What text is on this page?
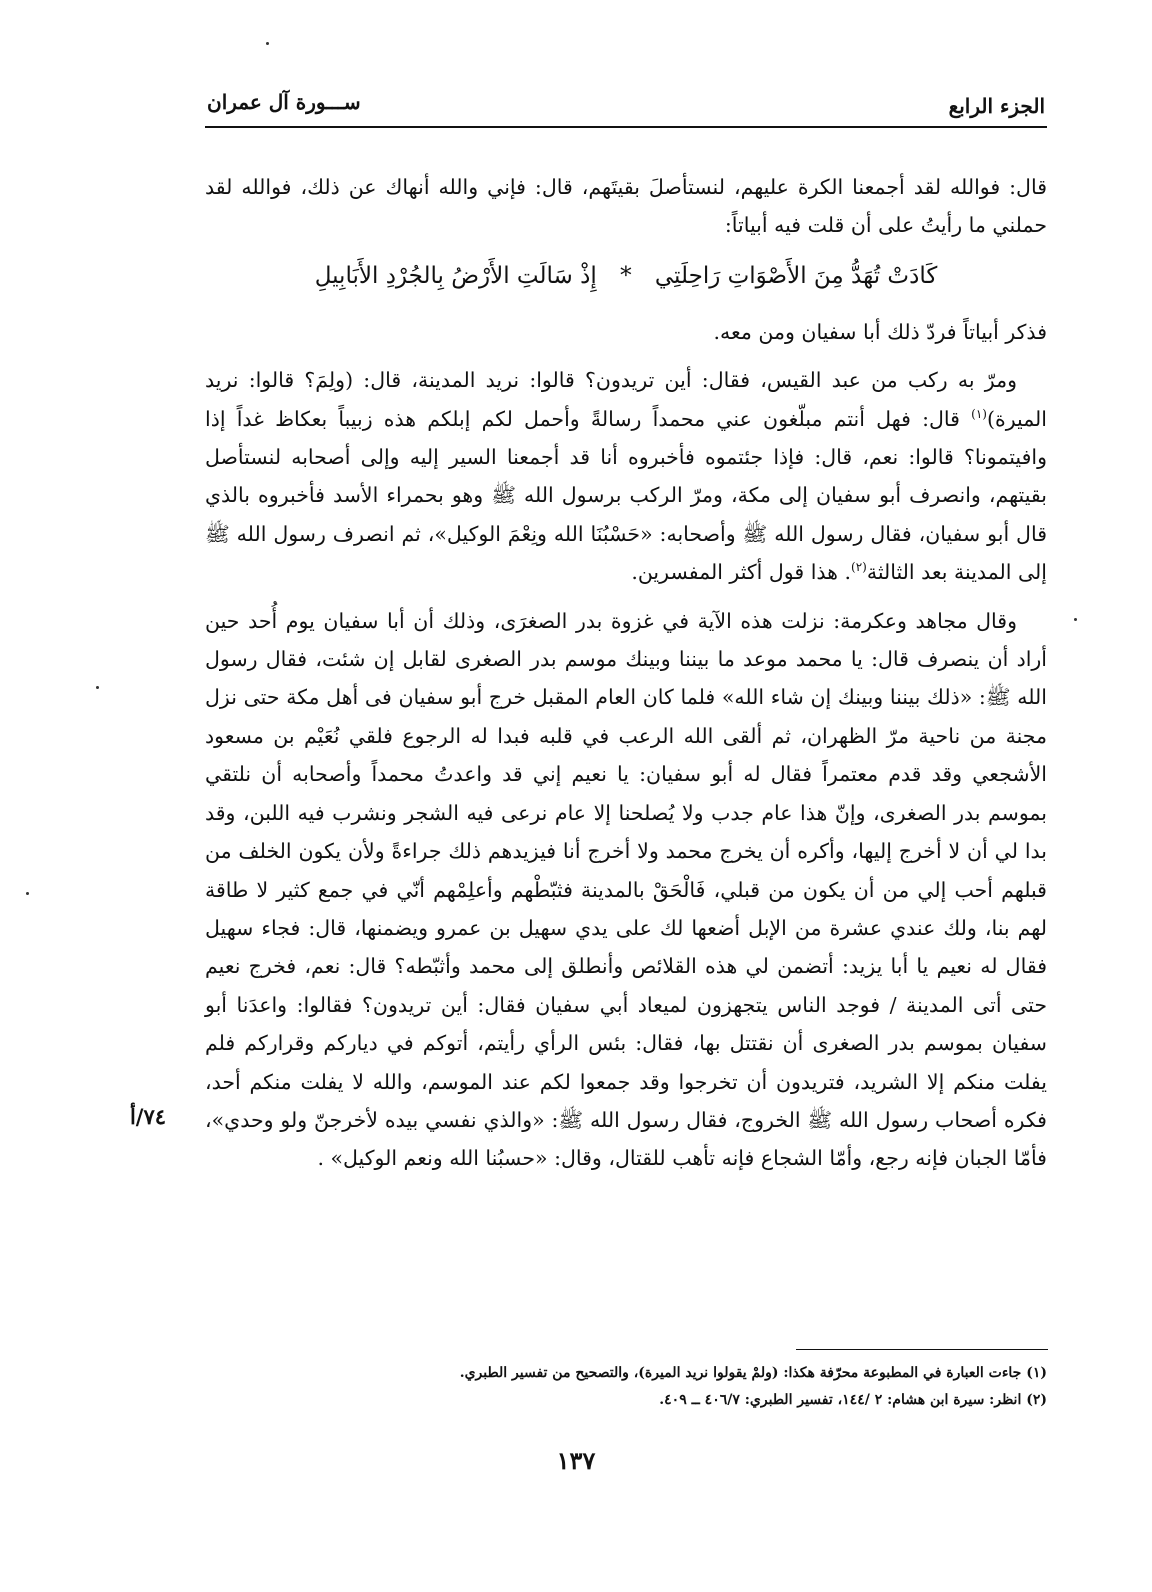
الجزء الرابع
ســـورة آل عمران

قال: فوالله لقد أجمعنا الكرة عليهم، لنستأصلَ بقيتَهم، قال: فإني والله أنهاك عن ذلك، فوالله لقد حملني ما رأيتُ على أن قلت فيه أبياتاً:

كَادَتْ تُهَدُّ مِنَ الأَصْوَاتِ رَاحِلَتِي * إِذْ سَالَتِ الأَرْضُ بِالجُرْدِ الأَبَابِيلِ

فذكر أبياتاً فردّ ذلك أبا سفيان ومن معه.

ومرّ به ركب من عبد القيس، فقال: أين تريدون؟ قالوا: نريد المدينة، قال: (ولِمَ؟ قالوا: نريد الميرة)$^{(١)}$ قال: فهل أنتم مبلّغون عني محمداً رسالةً وأحمل لكم إبلكم هذه زبيباً بعكاظ غداً إذا وافيتمونا؟ قالوا: نعم، قال: فإذا جئتموه فأخبروه أنا قد أجمعنا السير إليه وإلى أصحابه لنستأصل بقيتهم، وانصرف أبو سفيان إلى مكة، ومرّ الركب برسول الله ﷺ وهو بحمراء الأسد فأخبروه بالذي قال أبو سفيان، فقال رسول الله ﷺ وأصحابه: «حَسْبُنَا الله ونِعْمَ الوكيل»، ثم انصرف رسول الله ﷺ إلى المدينة بعد الثالثة$^{(٢)}$. هذا قول أكثر المفسرين.

وقال مجاهد وعكرمة: نزلت هذه الآية في غزوة بدر الصغرَى، وذلك أن أبا سفيان يوم أُحد حين أراد أن ينصرف قال: يا محمد موعد ما بيننا وبينك موسم بدر الصغرى لقابل إن شئت، فقال رسول الله ﷺ: «ذلك بيننا وبينك إن شاء الله» فلما كان العام المقبل خرج أبو سفيان فى أهل مكة حتى نزل مجنة من ناحية مرّ الظهران، ثم ألقى الله الرعب في قلبه فبدا له الرجوع فلقي نُعَيْم بن مسعود الأشجعي وقد قدم معتمراً فقال له أبو سفيان: يا نعيم إني قد واعدتُ محمداً وأصحابه أن نلتقي بموسم بدر الصغرى، وإنّ هذا عام جدب ولا يُصلحنا إلا عام نرعى فيه الشجر ونشرب فيه اللبن، وقد بدا لي أن لا أخرج إليها، وأكره أن يخرج محمد ولا أخرج أنا فيزيدهم ذلك جراءةً ولأن يكون الخلف من قبلهم أحب إلي من أن يكون من قبلي، فَالْحَقْ بالمدينة فثبّطْهم وأعلِمْهم أنّي في جمع كثير لا طاقة لهم بنا، ولك عندي عشرة من الإبل أضعها لك على يدي سهيل بن عمرو ويضمنها، قال: فجاء سهيل فقال له نعيم يا أبا يزيد: أتضمن لي هذه القلائص وأنطلق إلى محمد وأثبّطه؟ قال: نعم، فخرج نعيم حتى أتى المدينة / فوجد الناس يتجهزون لميعاد أبي سفيان فقال: أين تريدون؟ فقالوا: واعدَنا أبو سفيان بموسم بدر الصغرى أن نقتتل بها، فقال: بئس الرأي رأيتم، أتوكم في دياركم وقراركم فلم يفلت منكم إلا الشريد، فتريدون أن تخرجوا وقد جمعوا لكم عند الموسم، والله لا يفلت منكم أحد، فكره أصحاب رسول الله ﷺ الخروج، فقال رسول الله ﷺ: «والذي نفسي بيده لأخرجنّ ولو وحدي»، فأمّا الجبان فإنه رجع، وأمّا الشجاع فإنه تأهب للقتال، وقال: «حسبُنا الله ونعم الوكيل» .

٧٤/أ
(١) جاءت العبارة في المطبوعة محرّفة هكذا: (ولمْ يقولوا نريد الميرة)، والتصحيح من تفسير الطبري.
(٢) انظر: سيرة ابن هشام: ٢ /١٤٤، تفسير الطبري: ٤٠٦/٧ ــ ٤٠٩.
١٣٧
